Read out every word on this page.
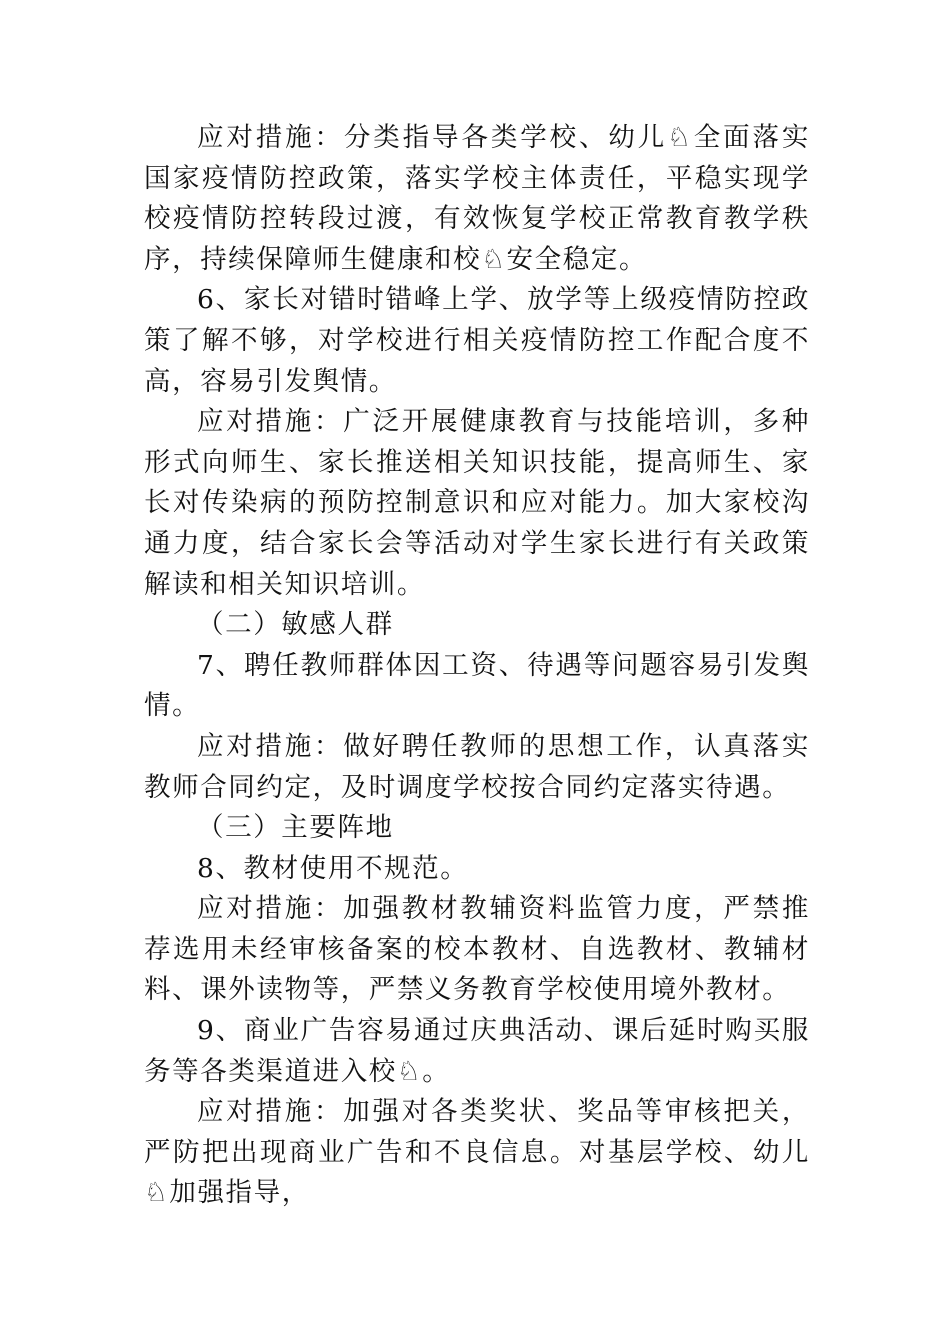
应对措施：分类指导各类学校、幼儿♘全面落实国家疫情防控政策，落实学校主体责任，平稳实现学校疫情防控转段过渡，有效恢复学校正常教育教学秩序，持续保障师生健康和校♘安全稳定。

6、家长对错时错峰上学、放学等上级疫情防控政策了解不够，对学校进行相关疫情防控工作配合度不高，容易引发舆情。

应对措施：广泛开展健康教育与技能培训，多种形式向师生、家长推送相关知识技能，提高师生、家长对传染病的预防控制意识和应对能力。加大家校沟通力度，结合家长会等活动对学生家长进行有关政策解读和相关知识培训。

（二）敏感人群

7、聘任教师群体因工资、待遇等问题容易引发舆情。

应对措施：做好聘任教师的思想工作，认真落实教师合同约定，及时调度学校按合同约定落实待遇。

（三）主要阵地

8、教材使用不规范。

应对措施：加强教材教辅资料监管力度，严禁推荐选用未经审核备案的校本教材、自选教材、教辅材料、课外读物等，严禁义务教育学校使用境外教材。

9、商业广告容易通过庆典活动、课后延时购买服务等各类渠道进入校♘。

应对措施：加强对各类奖状、奖品等审核把关，严防把出现商业广告和不良信息。对基层学校、幼儿♘加强指导，
